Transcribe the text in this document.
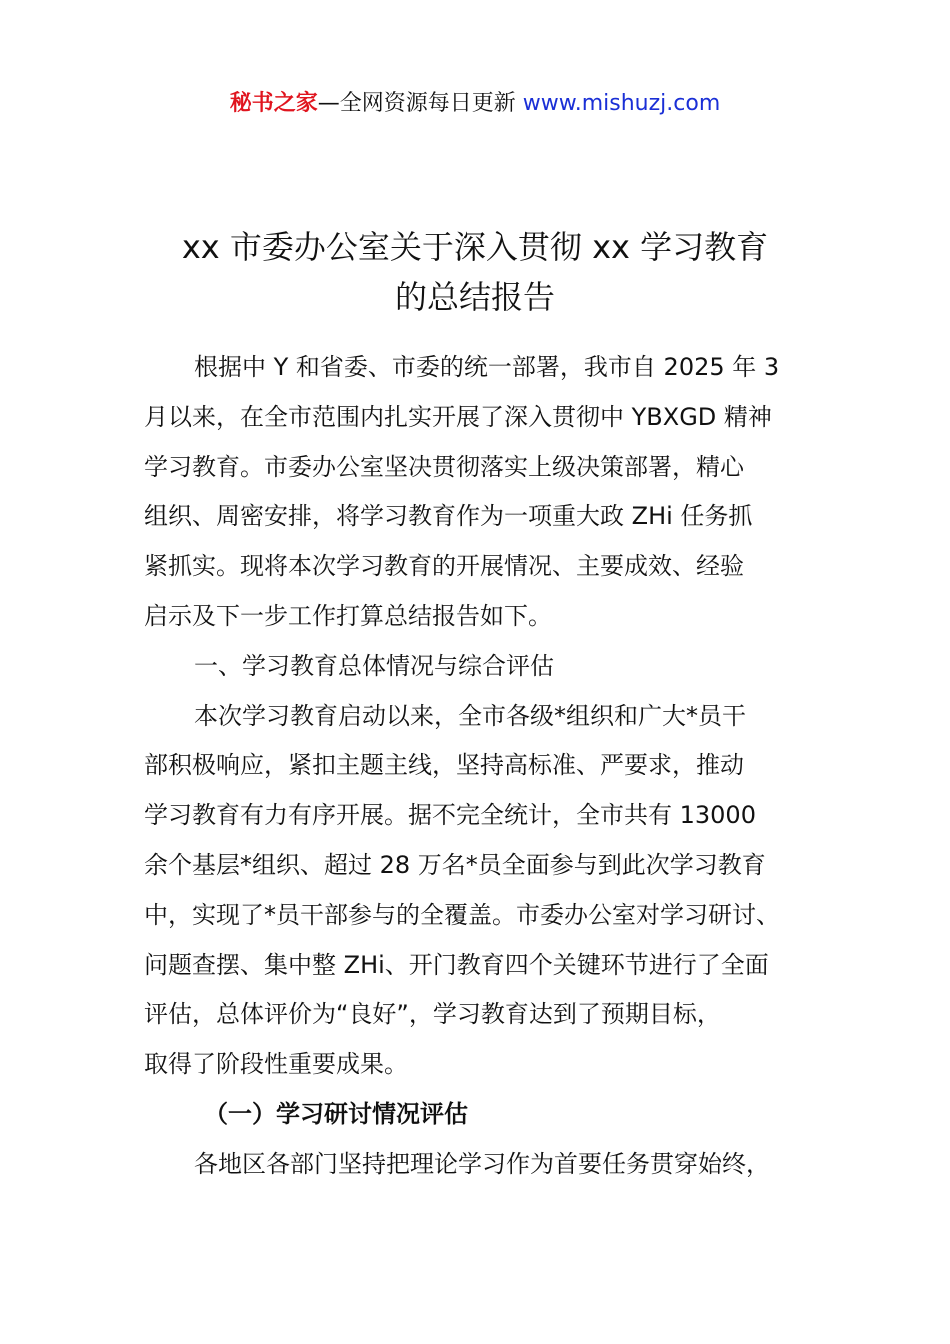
秘书之家—全网资源每日更新 www.mishuzj.com
xx 市委办公室关于深入贯彻 xx 学习教育
的总结报告
根据中 Y 和省委、市委的统一部署，我市自 2025 年 3
月以来，在全市范围内扎实开展了深入贯彻中 YBXGD 精神
学习教育。市委办公室坚决贯彻落实上级决策部署，精心
组织、周密安排，将学习教育作为一项重大政 ZHi 任务抓
紧抓实。现将本次学习教育的开展情况、主要成效、经验
启示及下一步工作打算总结报告如下。
一、学习教育总体情况与综合评估
本次学习教育启动以来，全市各级*组织和广大*员干
部积极响应，紧扣主题主线，坚持高标准、严要求，推动
学习教育有力有序开展。据不完全统计，全市共有 13000
余个基层*组织、超过 28 万名*员全面参与到此次学习教育
中，实现了*员干部参与的全覆盖。市委办公室对学习研讨、
问题查摆、集中整 ZHi、开门教育四个关键环节进行了全面
评估，总体评价为“良好”，学习教育达到了预期目标，
取得了阶段性重要成果。
（一）学习研讨情况评估
各地区各部门坚持把理论学习作为首要任务贯穿始终，
